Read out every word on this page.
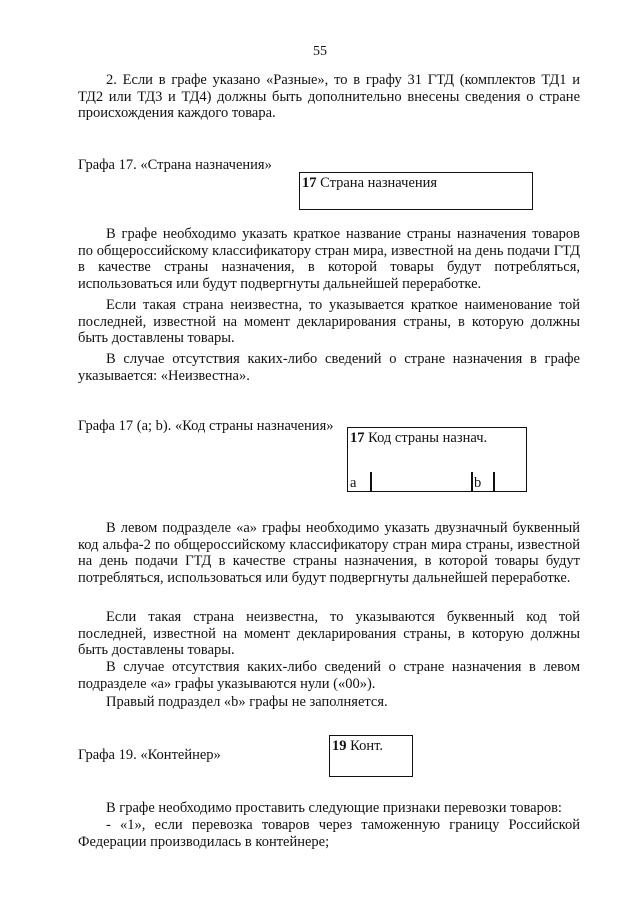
55

2. Если в графе указано «Разные», то в графу 31 ГТД (комплектов ТД1 и ТД2 или ТД3 и ТД4) должны быть дополнительно внесены сведения о стране происхождения каждого товара.

Графа 17. «Страна назначения»
17 Страна назначения

В графе необходимо указать краткое название страны назначения товаров по общероссийскому классификатору стран мира, известной на день подачи ГТД в качестве страны назначения, в которой товары будут потребляться, использоваться или будут подвергнуты дальнейшей переработке.

Если такая страна неизвестна, то указывается краткое наименование той последней, известной на момент декларирования страны, в которую должны быть доставлены товары.

В случае отсутствия каких-либо сведений о стране назначения в графе указывается: «Неизвестна».

Графа 17 (а; b). «Код страны назначения»
17 Код страны назнач.
a	b

В левом подразделе «а» графы необходимо указать двузначный буквенный код альфа-2 по общероссийскому классификатору стран мира страны, известной на день подачи ГТД в качестве страны назначения, в которой товары будут потребляться, использоваться или будут подвергнуты дальнейшей переработке.

Если такая страна неизвестна, то указываются буквенный код той последней, известной на момент декларирования страны, в которую должны быть доставлены товары.

В случае отсутствия каких-либо сведений о стране назначения в левом подразделе «а» графы указываются нули («00»).

Правый подраздел «b» графы не заполняется.

Графа 19. «Контейнер»
19 Конт.

В графе необходимо проставить следующие признаки перевозки товаров:

- «1», если перевозка товаров через таможенную границу Российской Федерации производилась в контейнере;
